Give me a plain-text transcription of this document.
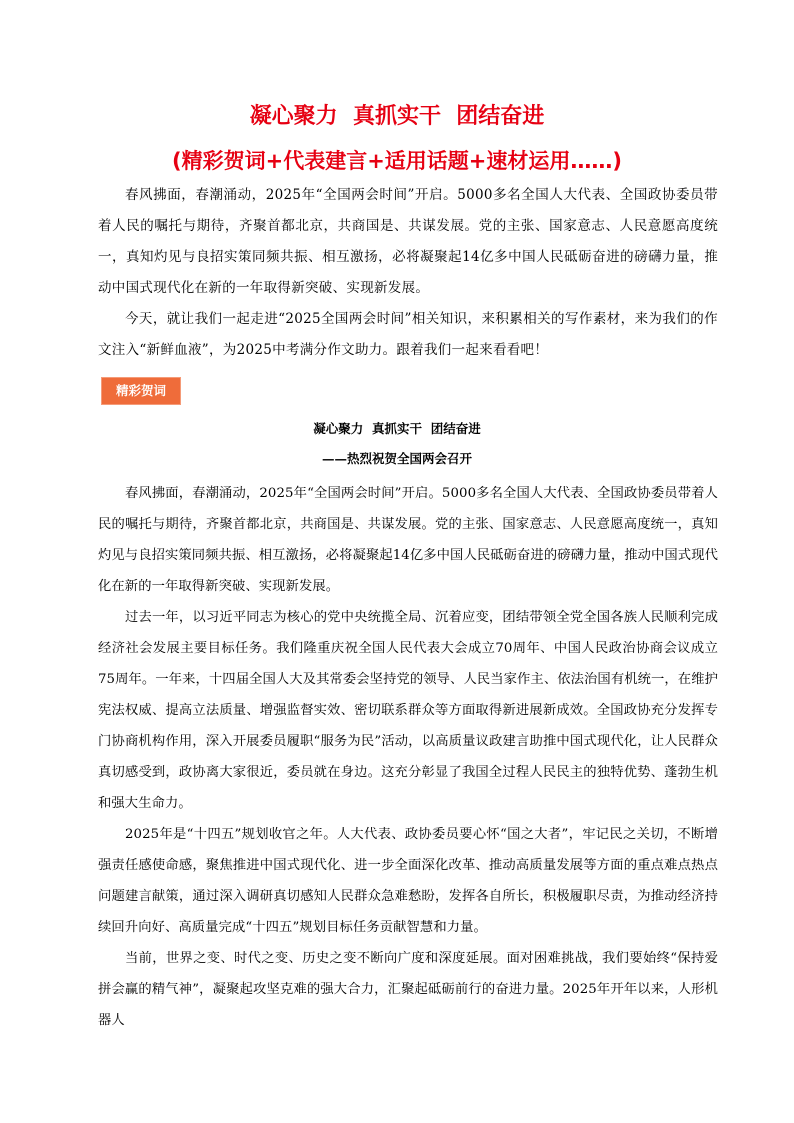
凝心聚力  真抓实干  团结奋进
(精彩贺词+代表建言+适用话题+速材运用……)

春风拂面，春潮涌动，2025年“全国两会时间”开启。5000多名全国人大代表、全国政协委员带着人民的嘱托与期待，齐聚首都北京，共商国是、共谋发展。党的主张、国家意志、人民意愿高度统一，真知灼见与良招实策同频共振、相互激扬，必将凝聚起14亿多中国人民砥砺奋进的磅礴力量，推动中国式现代化在新的一年取得新突破、实现新发展。

今天，就让我们一起走进“2025全国两会时间”相关知识，来积累相关的写作素材，来为我们的作文注入“新鲜血液”，为2025中考满分作文助力。跟着我们一起来看看吧！

精彩贺词
凝心聚力  真抓实干  团结奋进
——热烈祝贺全国两会召开

春风拂面，春潮涌动，2025年“全国两会时间”开启。5000多名全国人大代表、全国政协委员带着人民的嘱托与期待，齐聚首都北京，共商国是、共谋发展。党的主张、国家意志、人民意愿高度统一，真知灼见与良招实策同频共振、相互激扬，必将凝聚起14亿多中国人民砥砺奋进的磅礴力量，推动中国式现代化在新的一年取得新突破、实现新发展。

过去一年，以习近平同志为核心的党中央统揽全局、沉着应变，团结带领全党全国各族人民顺利完成经济社会发展主要目标任务。我们隆重庆祝全国人民代表大会成立70周年、中国人民政治协商会议成立75周年。一年来，十四届全国人大及其常委会坚持党的领导、人民当家作主、依法治国有机统一，在维护宪法权威、提高立法质量、增强监督实效、密切联系群众等方面取得新进展新成效。全国政协充分发挥专门协商机构作用，深入开展委员履职“服务为民”活动，以高质量议政建言助推中国式现代化，让人民群众真切感受到，政协离大家很近，委员就在身边。这充分彰显了我国全过程人民民主的独特优势、蓬勃生机和强大生命力。

2025年是“十四五”规划收官之年。人大代表、政协委员要心怀“国之大者”，牢记民之关切，不断增强责任感使命感，聚焦推进中国式现代化、进一步全面深化改革、推动高质量发展等方面的重点难点热点问题建言献策，通过深入调研真切感知人民群众急难愁盼，发挥各自所长，积极履职尽责，为推动经济持续回升向好、高质量完成“十四五”规划目标任务贡献智慧和力量。

当前，世界之变、时代之变、历史之变不断向广度和深度延展。面对困难挑战，我们要始终“保持爱拼会赢的精气神”，凝聚起攻坚克难的强大合力，汇聚起砥砺前行的奋进力量。2025年开年以来，人形机器人
